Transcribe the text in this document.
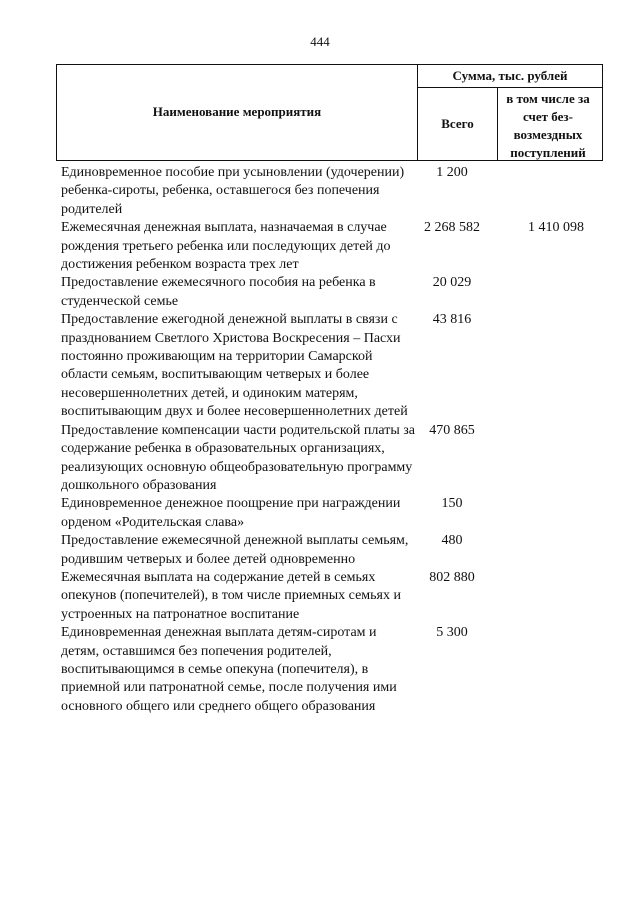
444
Наименование мероприятия
Сумма, тыс. рублей
Всего
в том числе за счет без-возмездных поступлений
Единовременное пособие при усыновлении (удочерении) ребенка-сироты, ребенка, оставшегося без попечения родителей
1 200
Ежемесячная денежная выплата, назначаемая в случае рождения третьего ребенка или последующих детей до достижения ребенком возраста трех лет
2 268 582	1 410 098
Предоставление ежемесячного пособия на ребенка в студенческой семье
20 029
Предоставление ежегодной денежной выплаты в связи с празднованием Светлого Христова Воскресения – Пасхи постоянно проживающим на территории Самарской области семьям, воспитывающим четверых и более несовершеннолетних детей, и одиноким матерям, воспитывающим двух и более несовершеннолетних детей
43 816
Предоставление компенсации части родительской платы за содержание ребенка в образовательных организациях, реализующих основную общеобразовательную программу дошкольного образования
470 865
Единовременное денежное поощрение при награждении орденом «Родительская слава»
150
Предоставление ежемесячной денежной выплаты семьям, родившим четверых и более детей одновременно
480
Ежемесячная выплата на содержание детей в семьях опекунов (попечителей), в том числе приемных семьях и устроенных на патронатное воспитание
802 880
Единовременная денежная выплата детям-сиротам и детям, оставшимся без попечения родителей, воспитывающимся в семье опекуна (попечителя), в приемной или патронатной семье, после получения ими основного общего или среднего общего образования
5 300
